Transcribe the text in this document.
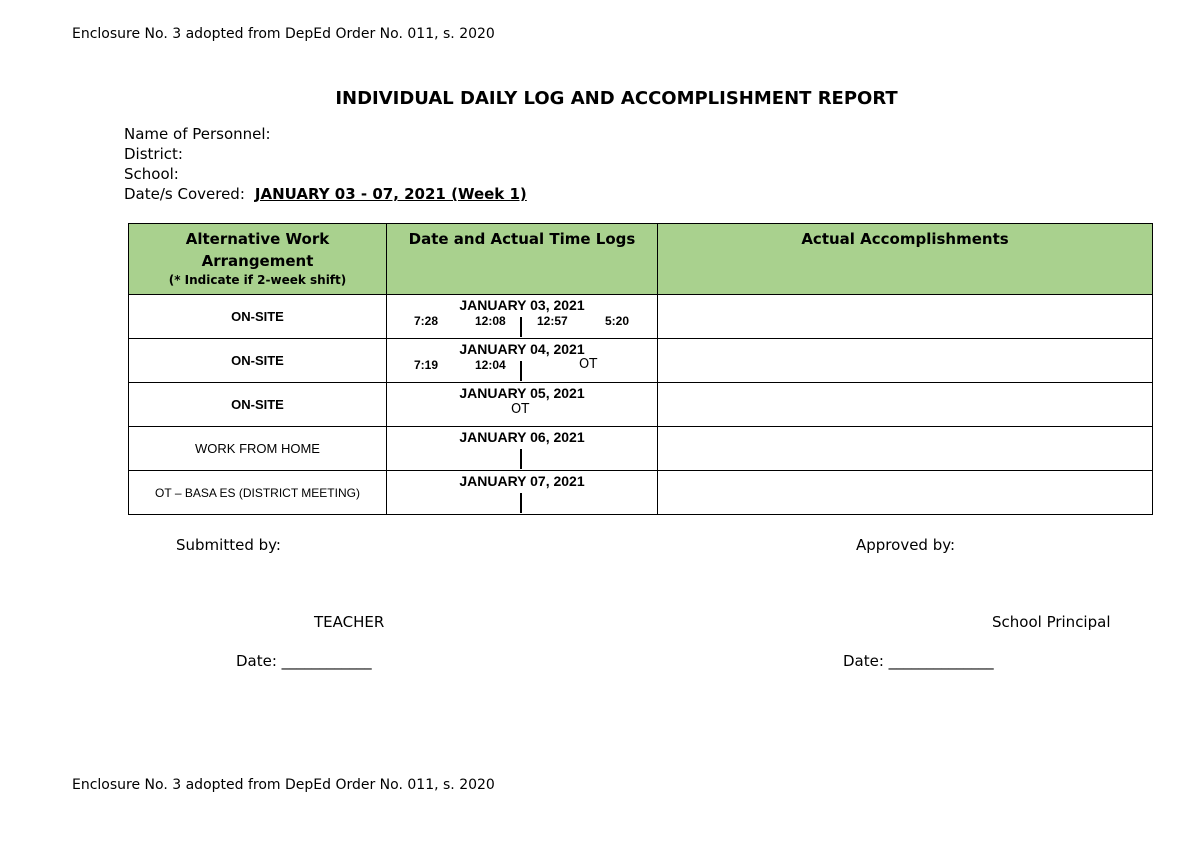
Enclosure No. 3 adopted from DepEd Order No. 011, s. 2020
INDIVIDUAL DAILY LOG AND ACCOMPLISHMENT REPORT
Name of Personnel:
District:
School:
Date/s Covered: JANUARY 03 - 07, 2021 (Week 1)
Alternative Work
Arrangement
(* Indicate if 2-week shift)	Date and Actual Time Logs	Actual Accomplishments

ON-SITE	JANUARY 03, 2021
7:28 12:08 12:57 5:20	

ON-SITE	JANUARY 04, 2021
7:19 12:04 OT	

ON-SITE	JANUARY 05, 2021
OT	

WORK FROM HOME	JANUARY 06, 2021	

OT – BASA ES (DISTRICT MEETING)	JANUARY 07, 2021	

Submitted by:	Approved by:
TEACHER	School Principal
Date: ____________	Date: ______________
Enclosure No. 3 adopted from DepEd Order No. 011, s. 2020
